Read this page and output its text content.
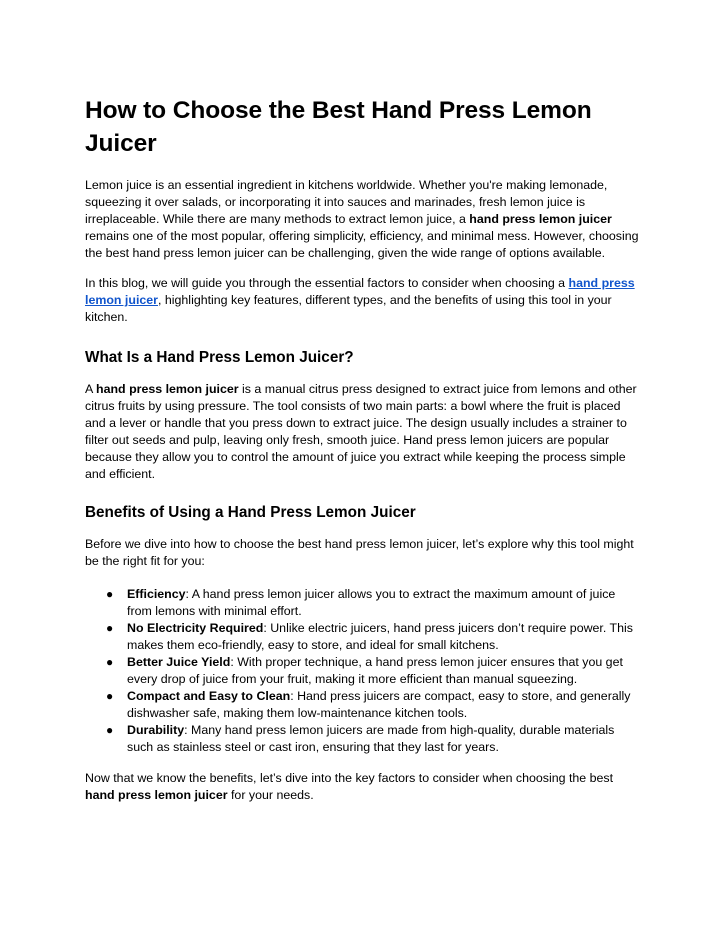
How to Choose the Best Hand Press Lemon Juicer

Lemon juice is an essential ingredient in kitchens worldwide. Whether you're making lemonade, squeezing it over salads, or incorporating it into sauces and marinades, fresh lemon juice is irreplaceable. While there are many methods to extract lemon juice, a hand press lemon juicer remains one of the most popular, offering simplicity, efficiency, and minimal mess. However, choosing the best hand press lemon juicer can be challenging, given the wide range of options available.

In this blog, we will guide you through the essential factors to consider when choosing a hand press lemon juicer, highlighting key features, different types, and the benefits of using this tool in your kitchen.

What Is a Hand Press Lemon Juicer?

A hand press lemon juicer is a manual citrus press designed to extract juice from lemons and other citrus fruits by using pressure. The tool consists of two main parts: a bowl where the fruit is placed and a lever or handle that you press down to extract juice. The design usually includes a strainer to filter out seeds and pulp, leaving only fresh, smooth juice. Hand press lemon juicers are popular because they allow you to control the amount of juice you extract while keeping the process simple and efficient.

Benefits of Using a Hand Press Lemon Juicer

Before we dive into how to choose the best hand press lemon juicer, let’s explore why this tool might be the right fit for you:

● Efficiency: A hand press lemon juicer allows you to extract the maximum amount of juice from lemons with minimal effort.
● No Electricity Required: Unlike electric juicers, hand press juicers don’t require power. This makes them eco-friendly, easy to store, and ideal for small kitchens.
● Better Juice Yield: With proper technique, a hand press lemon juicer ensures that you get every drop of juice from your fruit, making it more efficient than manual squeezing.
● Compact and Easy to Clean: Hand press juicers are compact, easy to store, and generally dishwasher safe, making them low-maintenance kitchen tools.
● Durability: Many hand press lemon juicers are made from high-quality, durable materials such as stainless steel or cast iron, ensuring that they last for years.

Now that we know the benefits, let’s dive into the key factors to consider when choosing the best hand press lemon juicer for your needs.
